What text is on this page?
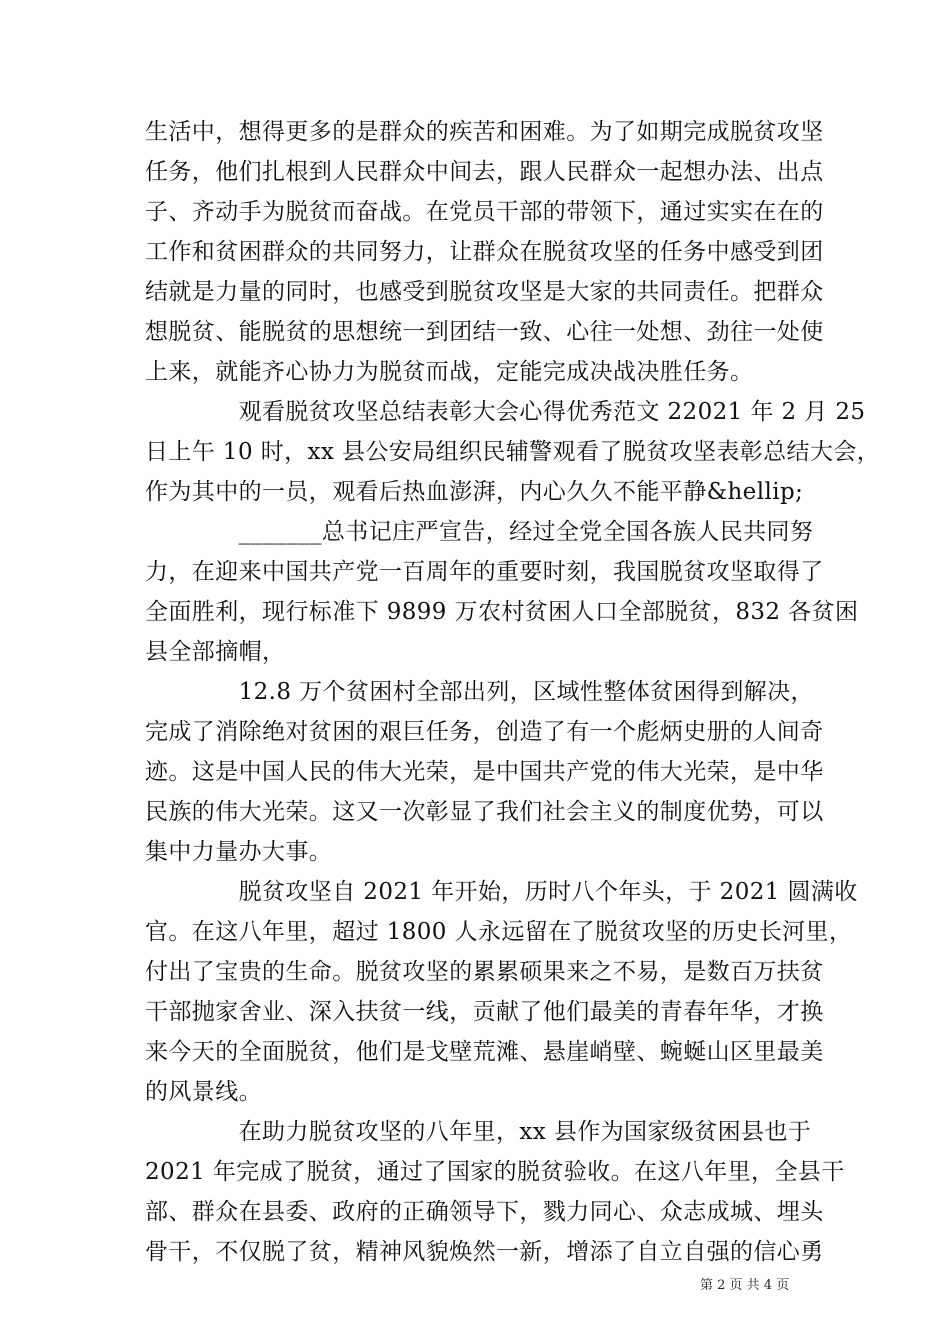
生活中，想得更多的是群众的疾苦和困难。为了如期完成脱贫攻坚
任务，他们扎根到人民群众中间去，跟人民群众一起想办法、出点
子、齐动手为脱贫而奋战。在党员干部的带领下，通过实实在在的
工作和贫困群众的共同努力，让群众在脱贫攻坚的任务中感受到团
结就是力量的同时，也感受到脱贫攻坚是大家的共同责任。把群众
想脱贫、能脱贫的思想统一到团结一致、心往一处想、劲往一处使
上来，就能齐心协力为脱贫而战，定能完成决战决胜任务。
　　　　观看脱贫攻坚总结表彰大会心得优秀范文 22021 年 2 月 25
日上午 10 时，xx 县公安局组织民辅警观看了脱贫攻坚表彰总结大会，
作为其中的一员，观看后热血澎湃，内心久久不能平静&hellip;
　　　　_______总书记庄严宣告，经过全党全国各族人民共同努
力，在迎来中国共产党一百周年的重要时刻，我国脱贫攻坚取得了
全面胜利，现行标准下 9899 万农村贫困人口全部脱贫，832 各贫困
县全部摘帽，
　　　　12.8 万个贫困村全部出列，区域性整体贫困得到解决，
完成了消除绝对贫困的艰巨任务，创造了有一个彪炳史册的人间奇
迹。这是中国人民的伟大光荣，是中国共产党的伟大光荣，是中华
民族的伟大光荣。这又一次彰显了我们社会主义的制度优势，可以
集中力量办大事。
　　　　脱贫攻坚自 2021 年开始，历时八个年头，于 2021 圆满收
官。在这八年里，超过 1800 人永远留在了脱贫攻坚的历史长河里，
付出了宝贵的生命。脱贫攻坚的累累硕果来之不易，是数百万扶贫
干部抛家舍业、深入扶贫一线，贡献了他们最美的青春年华，才换
来今天的全面脱贫，他们是戈壁荒滩、悬崖峭壁、蜿蜒山区里最美
的风景线。
　　　　在助力脱贫攻坚的八年里，xx 县作为国家级贫困县也于
2021 年完成了脱贫，通过了国家的脱贫验收。在这八年里，全县干
部、群众在县委、政府的正确领导下，戮力同心、众志成城、埋头
骨干，不仅脱了贫，精神风貌焕然一新，增添了自立自强的信心勇
第 2 页 共 4 页
